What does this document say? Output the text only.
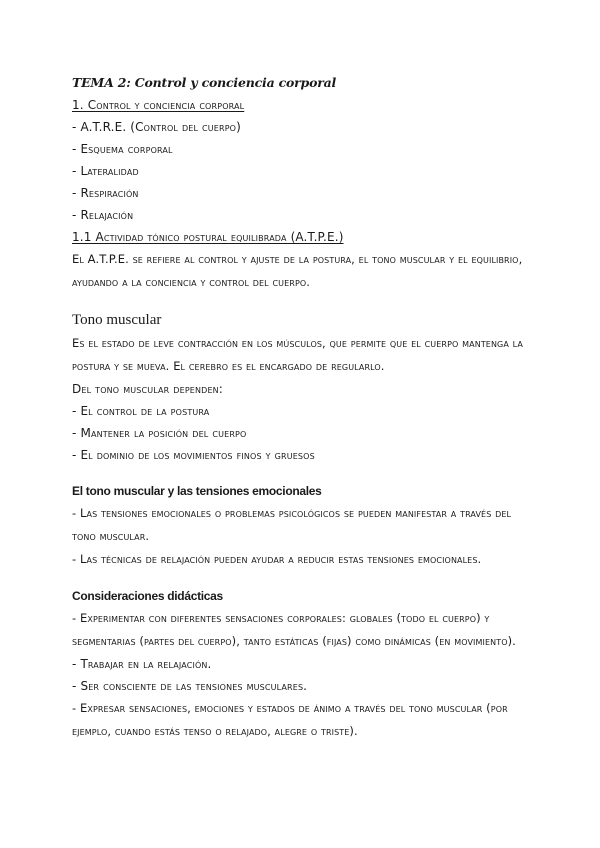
TEMA 2: Control y conciencia corporal
1. Control y conciencia corporal
- A.T.R.E. (Control del cuerpo)
- Esquema corporal
- Lateralidad
- Respiración
- Relajación
1.1 Actividad tónico postural equilibrada (A.T.P.E.)
El A.T.P.E. se refiere al control y ajuste de la postura, el tono muscular y el equilibrio, ayudando a la conciencia y control del cuerpo.
Tono muscular
Es el estado de leve contracción en los músculos, que permite que el cuerpo mantenga la postura y se mueva. El cerebro es el encargado de regularlo.
Del tono muscular dependen:
- El control de la postura
- Mantener la posición del cuerpo
- El dominio de los movimientos finos y gruesos
El tono muscular y las tensiones emocionales
- Las tensiones emocionales o problemas psicológicos se pueden manifestar a través del tono muscular.
- Las técnicas de relajación pueden ayudar a reducir estas tensiones emocionales.
Consideraciones didácticas
- Experimentar con diferentes sensaciones corporales: globales (todo el cuerpo) y segmentarias (partes del cuerpo), tanto estáticas (fijas) como dinámicas (en movimiento).
- Trabajar en la relajación.
- Ser consciente de las tensiones musculares.
- Expresar sensaciones, emociones y estados de ánimo a través del tono muscular (por ejemplo, cuando estás tenso o relajado, alegre o triste).
